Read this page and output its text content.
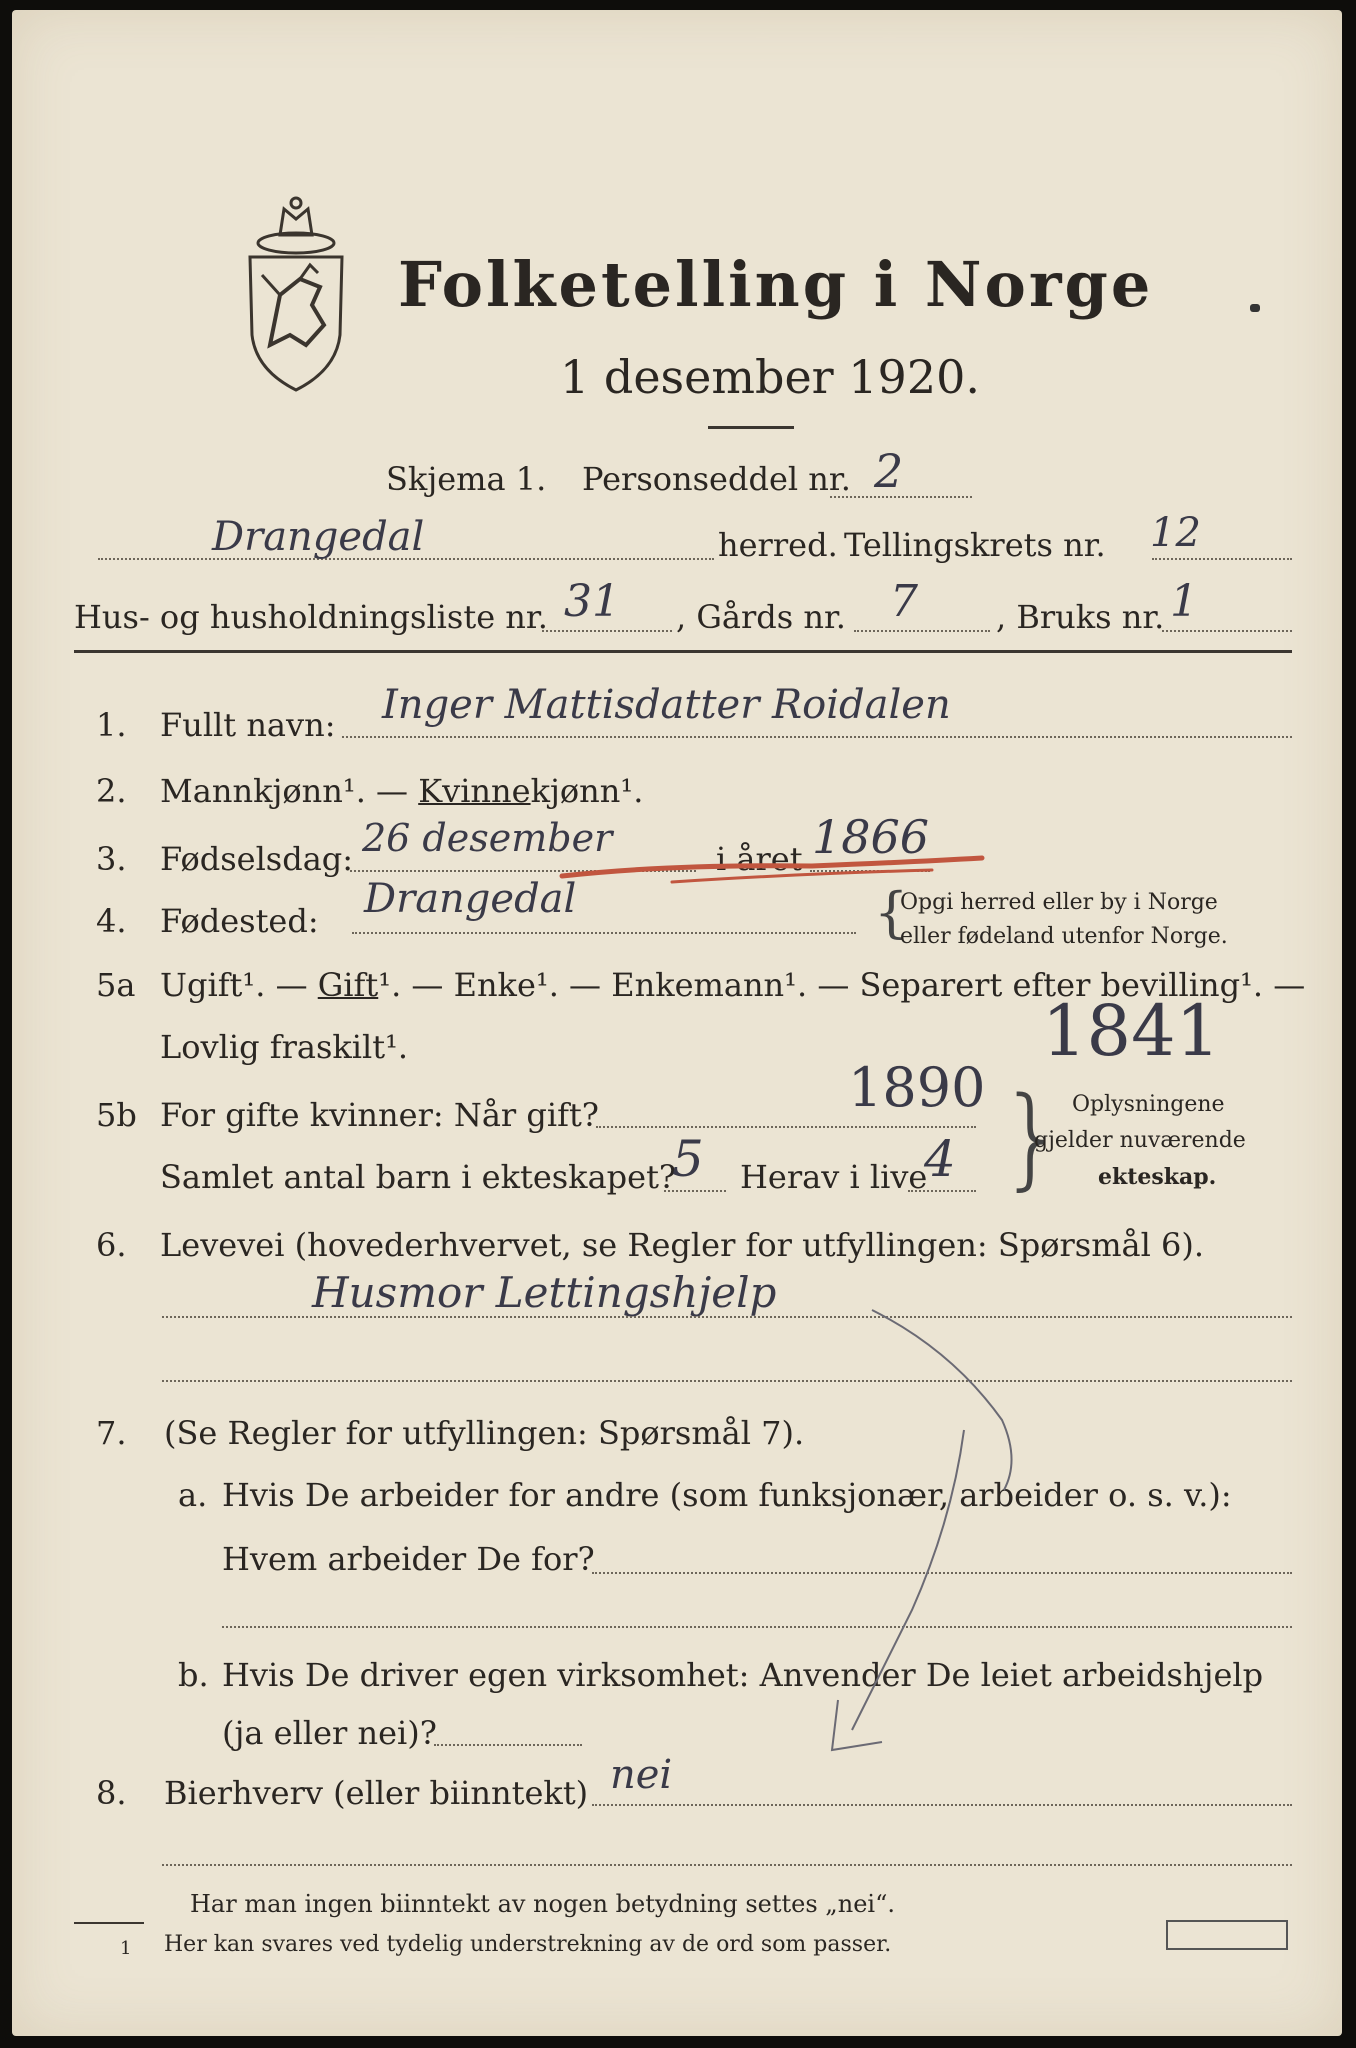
Folketelling i Norge
1 desember 1920.
Skjema 1. Personseddel nr. 2
Drangedal	herred. Tellingskrets nr. 12
Hus- og husholdningsliste nr. 31 , Gårds nr. 7 , Bruks nr. 1
1. Fullt navn: Inger Mattisdatter Roidalen
2. Mannkjønn¹. — Kvinnekjønn¹.
3. Fødselsdag: 26 desember	i året 1866
4. Fødested: Drangedal	{
Opgi herred eller by i Norge
eller fødeland utenfor Norge.
5a Ugift¹. — Gift¹. — Enke¹. — Enkemann¹. — Separert efter bevilling¹. —
Lovlig fraskilt¹.	1841
5b For gifte kvinner: Når gift?	1890
Samlet antal barn i ekteskapet?
5 Herav i live
4 } Oplysningene
gjelder nuværende
ekteskap.
6. Levevei (hovederhvervet, se Regler for utfyllingen: Spørsmål 6).
Husmor Lettingshjelp
7. (Se Regler for utfyllingen: Spørsmål 7).
a. Hvis De arbeider for andre (som funksjonær, arbeider o. s. v.):
Hvem arbeider De for?
b. Hvis De driver egen virksomhet: Anvender De leiet arbeidshjelp
(ja eller nei)?
8. Bierhverv (eller biinntekt) nei
Har man ingen biinntekt av nogen betydning settes „nei“.
1 Her kan svares ved tydelig understrekning av de ord som passer.
